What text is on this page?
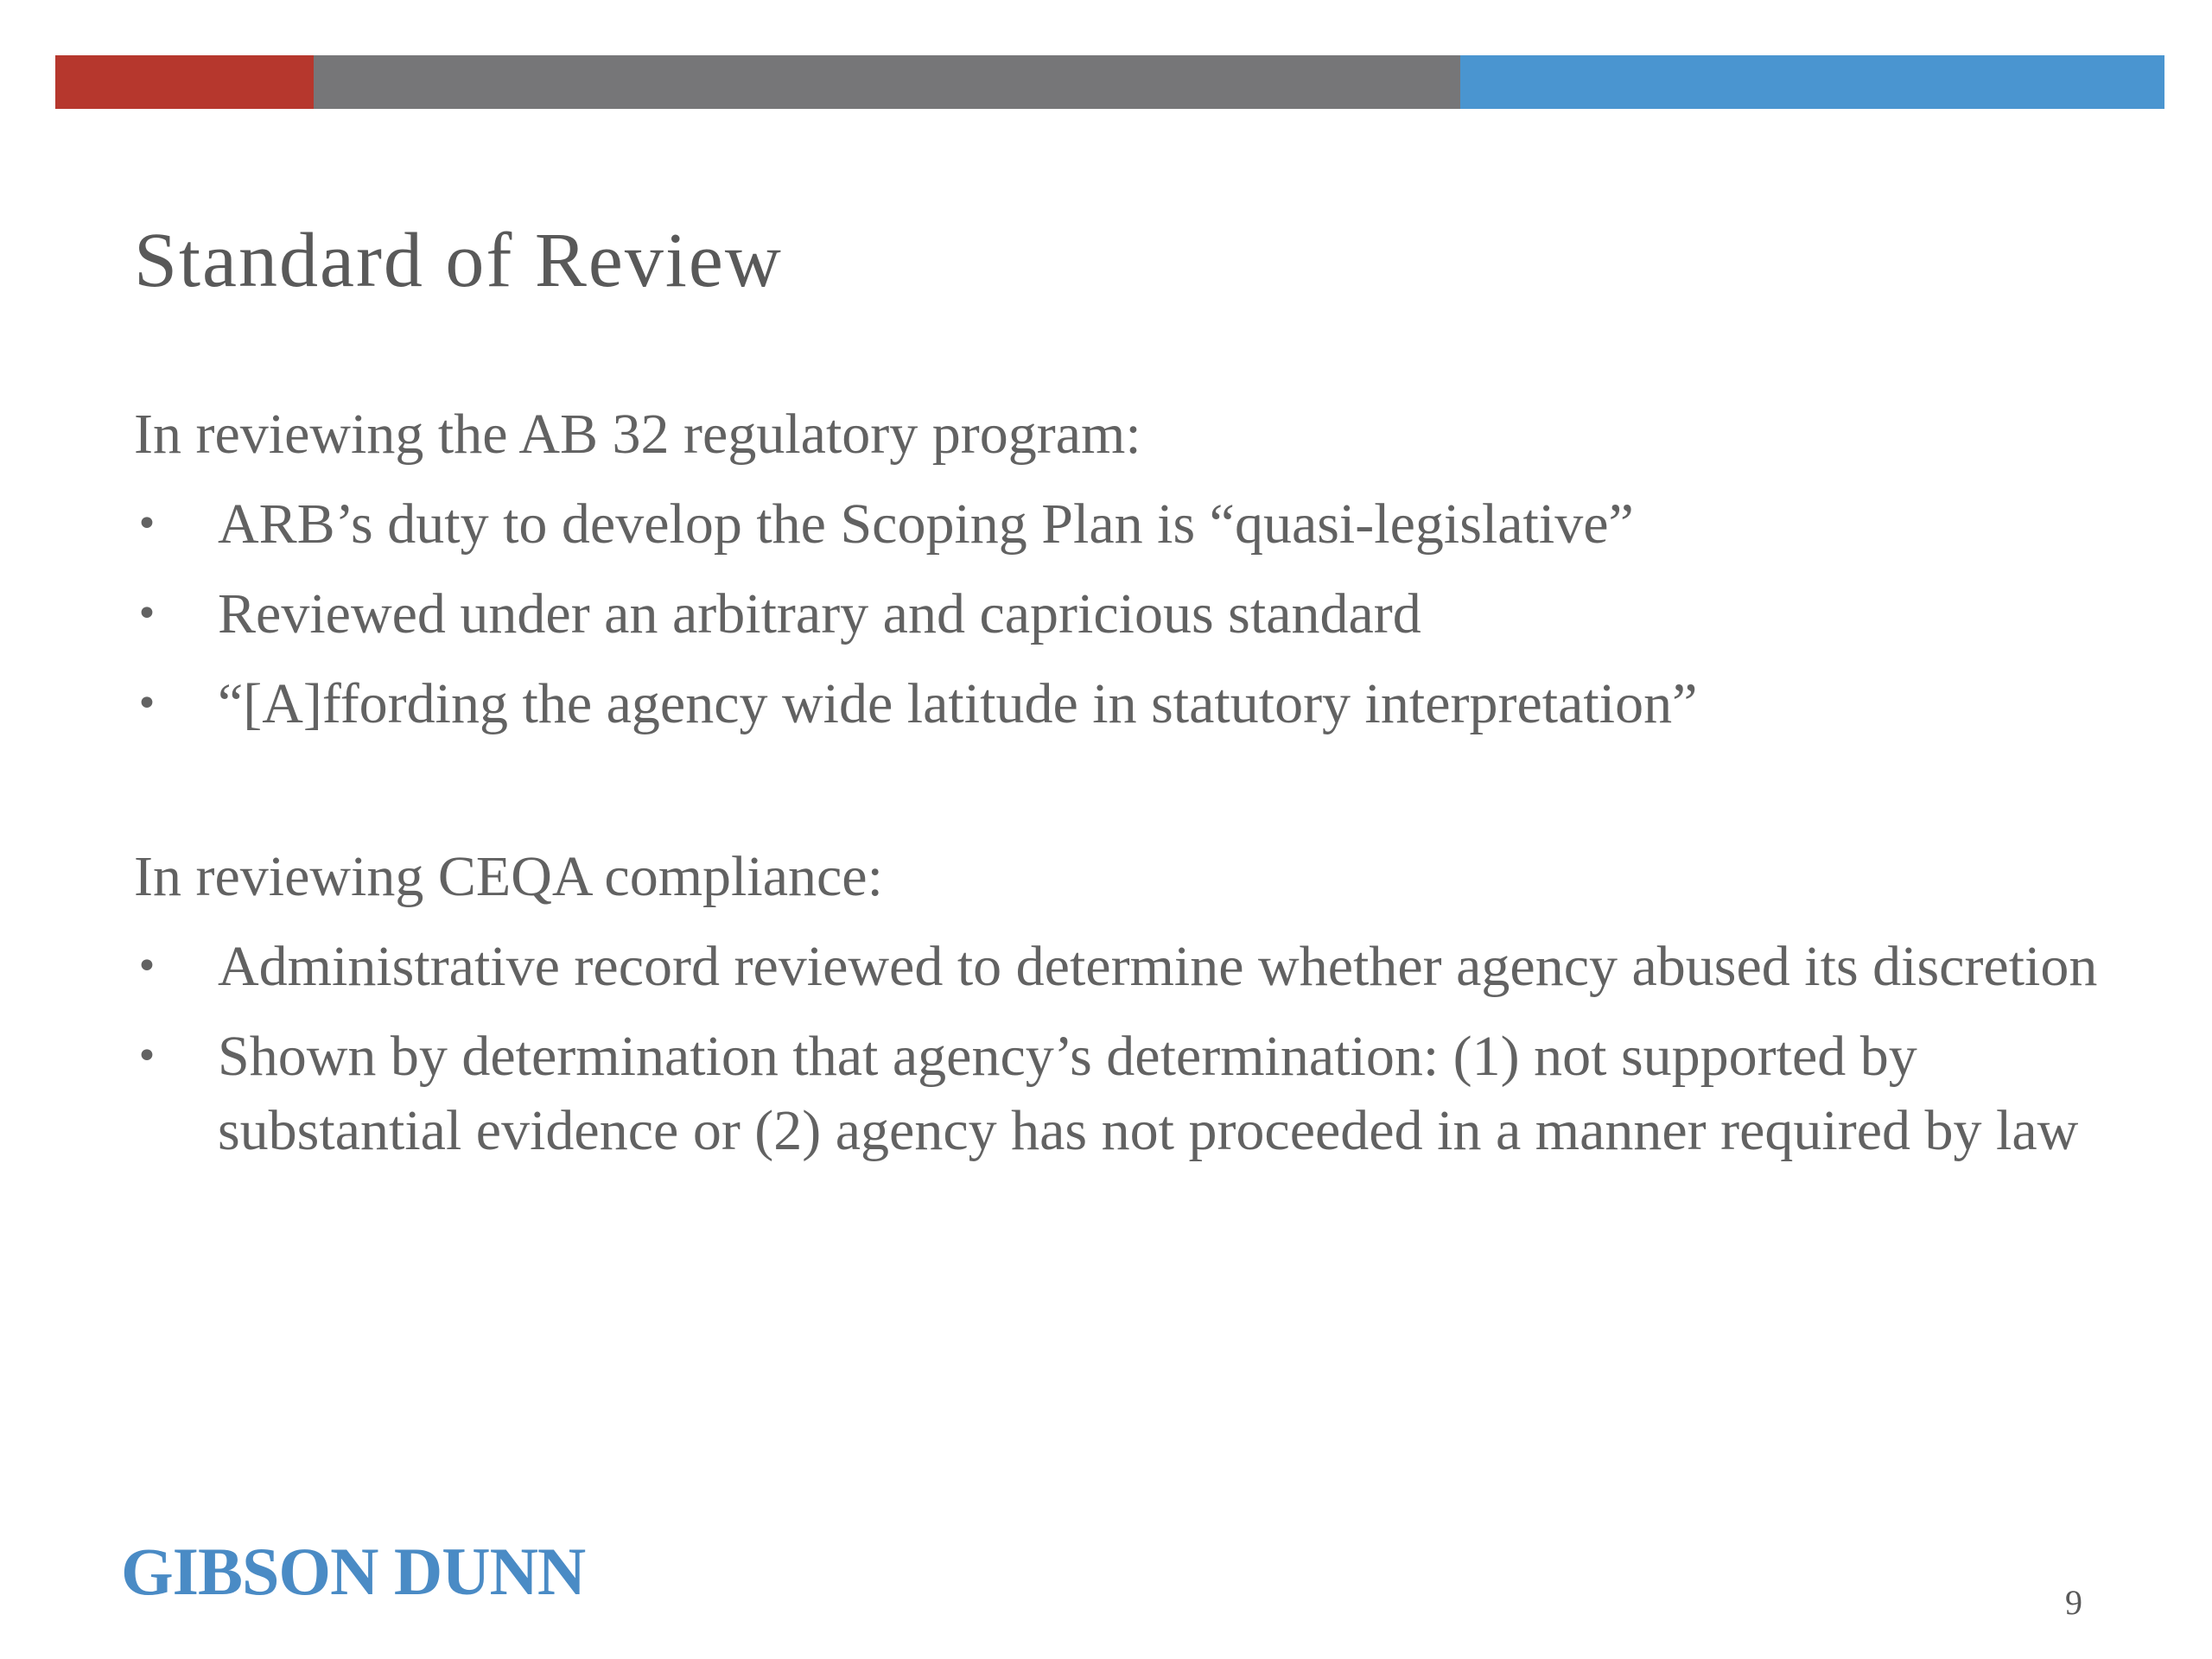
Standard of Review

In reviewing the AB 32 regulatory program:

• ARB’s duty to develop the Scoping Plan is “quasi-legislative”
• Reviewed under an arbitrary and capricious standard
• “[A]ffording the agency wide latitude in statutory interpretation”

In reviewing CEQA compliance:

• Administrative record reviewed to determine whether agency abused its discretion
• Shown by determination that agency’s determination: (1) not supported by substantial evidence or (2) agency has not proceeded in a manner required by law
GIBSON DUNN	9
